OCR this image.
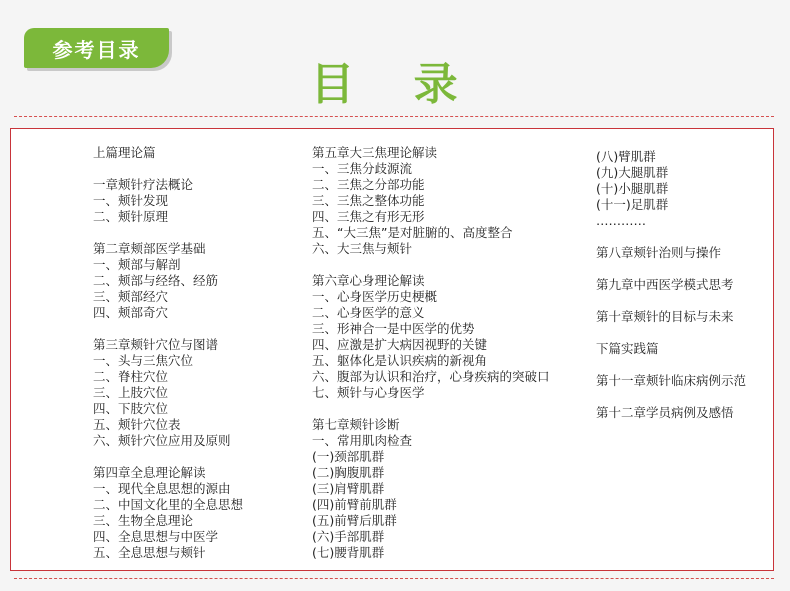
参考目录
目 录
上篇理论篇
一章颊针疗法概论
一、颊针发现
二、颊针原理
第二章颊部医学基础
一、颊部与解剖
二、颊部与经络、经筋
三、颊部经穴
四、颊部奇穴
第三章颊针穴位与图谱
一、头与三焦穴位
二、脊柱穴位
三、上肢穴位
四、下肢穴位
五、颊针穴位表
六、颊针穴位应用及原则
第四章全息理论解读
一、现代全息思想的源由
二、中国文化里的全息思想
三、生物全息理论
四、全息思想与中医学
五、全息思想与颊针
第五章大三焦理论解读
一、三焦分歧源流
二、三焦之分部功能
三、三焦之整体功能
四、三焦之有形无形
五、“大三焦”是对脏腑的、高度整合
六、大三焦与颊针
第六章心身理论解读
一、心身医学历史梗概
二、心身医学的意义
三、形神合一是中医学的优势
四、应激是扩大病因视野的关键
五、躯体化是认识疾病的新视角
六、腹部为认识和治疗，心身疾病的突破口
七、颊针与心身医学
第七章颊针诊断
一、常用肌肉检查
(一)颈部肌群
(二)胸腹肌群
(三)肩臂肌群
(四)前臂前肌群
(五)前臂后肌群
(六)手部肌群
(七)腰背肌群
(八)臂肌群
(九)大腿肌群
(十)小腿肌群
(十一)足肌群
…………
第八章颊针治则与操作
第九章中西医学模式思考
第十章颊针的目标与未来
下篇实践篇
第十一章颊针临床病例示范
第十二章学员病例及感悟
